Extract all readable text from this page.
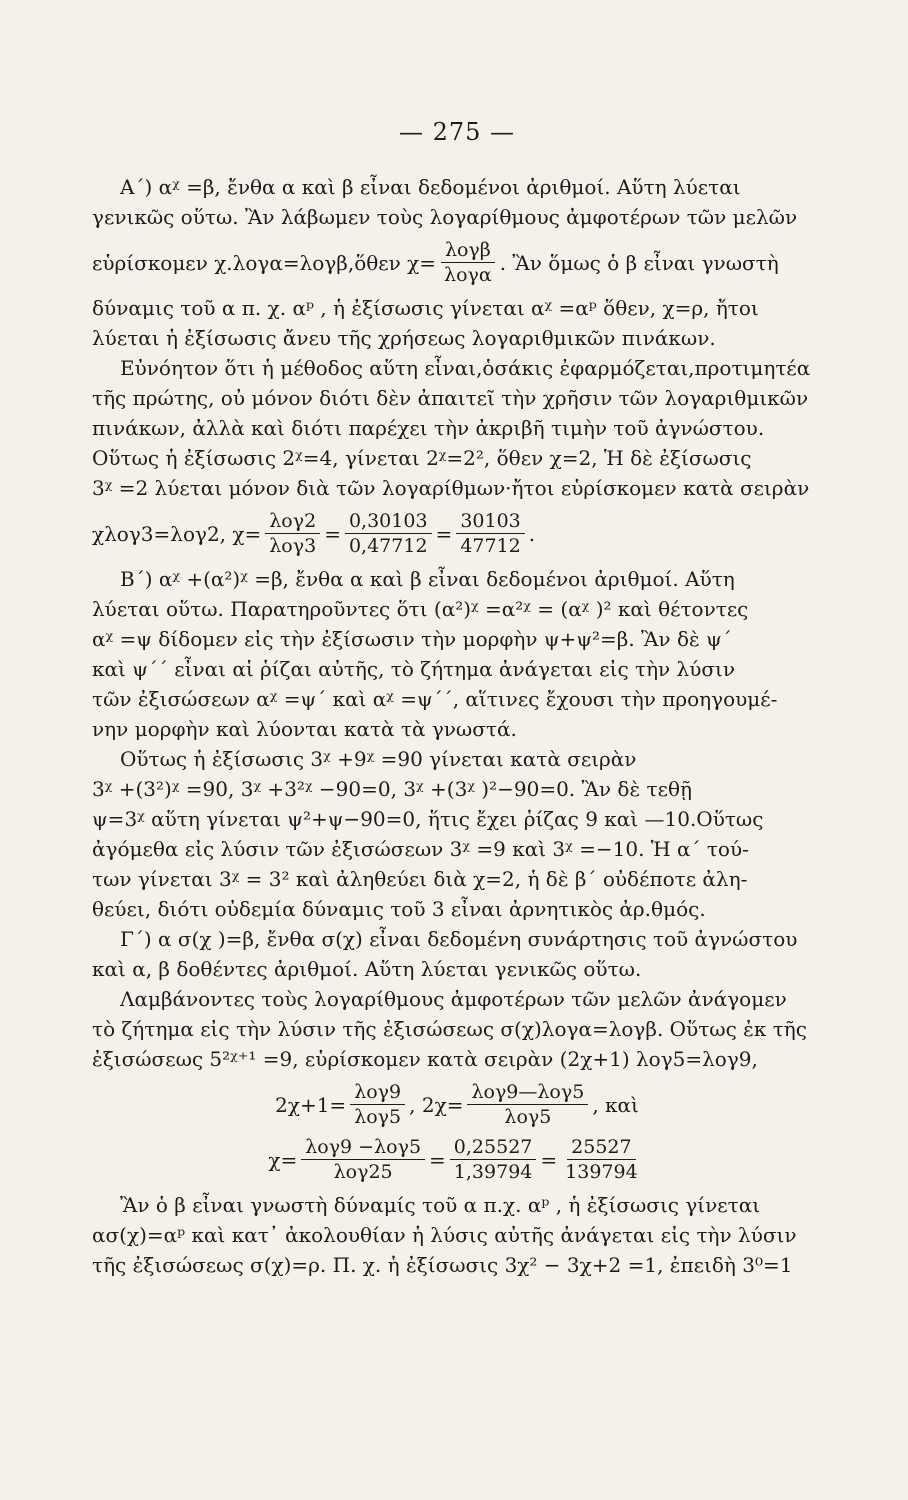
— 275 —

Α΄) αᵡ =β, ἔνθα α καὶ β εἶναι δεδομένοι ἀριθμοί. Αὕτη λύεται

γενικῶς οὕτω. Ἂν λάβωμεν τοὺς λογαρίθμους ἀμφοτέρων τῶν μελῶν

εὑρίσκομεν χ.λογα=λογβ,ὅθεν $\chi= \frac{\text{λογβ}}{\text{λογα}}$ . Ἂν ὅμως ὁ β εἶναι γνωστὴ

δύναμις τοῦ α π. χ. αᵖ , ἡ ἐξίσωσις γίνεται αᵡ =αᵖ ὅθεν, χ=ρ, ἤτοι

λύεται ἡ ἐξίσωσις ἄνευ τῆς χρήσεως λογαριθμικῶν πινάκων.

Εὐνόητον ὅτι ἡ μέθοδος αὕτη εἶναι,ὁσάκις ἐφαρμόζεται,προτιμητέα

τῆς πρώτης, οὐ μόνον διότι δὲν ἀπαιτεῖ τὴν χρῆσιν τῶν λογαριθμικῶν

πινάκων, ἀλλὰ καὶ διότι παρέχει τὴν ἀκριβῆ τιμὴν τοῦ ἀγνώστου.

Οὕτως ἡ ἐξίσωσις 2ᵡ=4, γίνεται 2ᵡ=2², ὅθεν χ=2, Ἡ δὲ ἐξίσωσις

3ᵡ =2 λύεται μόνον διὰ τῶν λογαρίθμων·ἤτοι εὑρίσκομεν κατὰ σειρὰν

χλογ3=λογ2, $\chi= \frac{\text{λογ2}}{\text{λογ3}} = \frac{0,30103}{0,47712} = \frac{30103}{47712}$ .

Β΄) αᵡ +(α²)ᵡ =β, ἔνθα α καὶ β εἶναι δεδομένοι ἀριθμοί. Αὕτη

λύεται οὕτω. Παρατηροῦντες ὅτι (α²)ᵡ =α²ᵡ = (αᵡ )² καὶ θέτοντες

αᵡ =ψ δίδομεν εἰς τὴν ἐξίσωσιν τὴν μορφὴν ψ+ψ²=β. Ἂν δὲ ψ΄

καὶ ψ΄΄ εἶναι αἱ ῥίζαι αὐτῆς, τὸ ζήτημα ἀνάγεται εἰς τὴν λύσιν

τῶν ἐξισώσεων αᵡ =ψ΄ καὶ αᵡ =ψ΄΄, αἵτινες ἔχουσι τὴν προηγουμέ-

νην μορφὴν καὶ λύονται κατὰ τὰ γνωστά.

Οὕτως ἡ ἐξίσωσις 3ᵡ +9ᵡ =90 γίνεται κατὰ σειρὰν

3ᵡ +(3²)ᵡ =90, 3ᵡ +3²ᵡ −90=0, 3ᵡ +(3ᵡ )²−90=0. Ἂν δὲ τεθῇ

ψ=3ᵡ αὕτη γίνεται ψ²+ψ−90=0, ἥτις ἔχει ῥίζας 9 καὶ —10.Οὕτως

ἀγόμεθα εἰς λύσιν τῶν ἐξισώσεων 3ᵡ =9 καὶ 3ᵡ =−10. Ἡ α΄ τού-

των γίνεται 3ᵡ = 3² καὶ ἀληθεύει διὰ χ=2, ἡ δὲ β΄ οὐδέποτε ἀλη-

θεύει, διότι οὐδεμία δύναμις τοῦ 3 εἶναι ἀρνητικὸς ἀρ.θμός.

Γ΄) α σ(χ )=β, ἔνθα σ(χ) εἶναι δεδομένη συνάρτησις τοῦ ἀγνώστου

καὶ α, β δοθέντες ἀριθμοί. Αὕτη λύεται γενικῶς οὕτω.

Λαμβάνοντες τοὺς λογαρίθμους ἀμφοτέρων τῶν μελῶν ἀνάγομεν

τὸ ζήτημα εἰς τὴν λύσιν τῆς ἐξισώσεως σ(χ)λογα=λογβ. Οὕτως ἐκ τῆς

ἐξισώσεως 5²ᵡ⁺¹ =9, εὑρίσκομεν κατὰ σειρὰν (2χ+1) λογ5=λογ9,

$2\chi+1= \frac{\text{λογ9}}{\text{λογ5}}$ , $2\chi= \frac{\text{λογ9—λογ5}}{\text{λογ5}}$ , καὶ
$\chi= \frac{\text{λογ9 −λογ5}}{\text{λογ25}} = \frac{0,25527}{1,39794} = \frac{25527}{139794}$

Ἂν ὁ β εἶναι γνωστὴ δύναμίς τοῦ α π.χ. αᵖ , ἡ ἐξίσωσις γίνεται

ασ(χ)=αᵖ καὶ κατ᾽ ἀκολουθίαν ἡ λύσις αὐτῆς ἀνάγεται εἰς τὴν λύσιν

τῆς ἐξισώσεως σ(χ)=ρ. Π. χ. ἡ ἐξίσωσις 3χ² − 3χ+2 =1, ἐπειδὴ 3⁰=1
